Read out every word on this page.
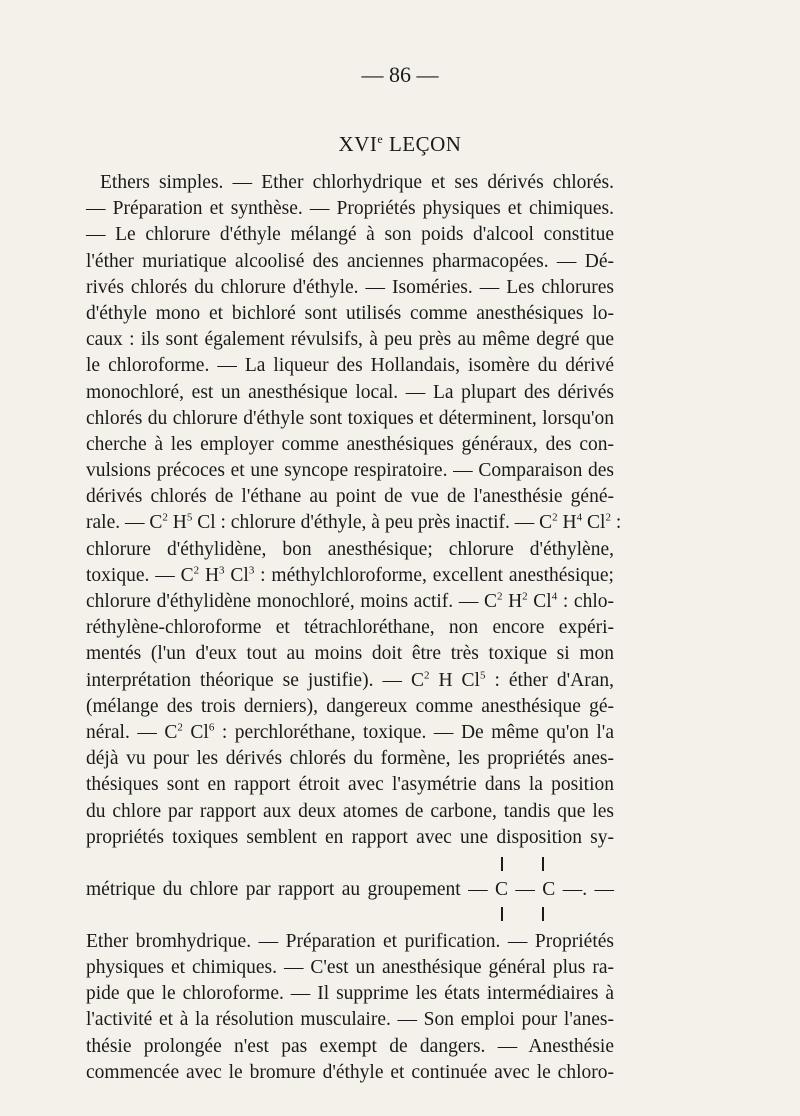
— 86 —
XVIe LEÇON
Ethers simples. — Ether chlorhydrique et ses dérivés chlorés.
— Préparation et synthèse. — Propriétés physiques et chimiques.
— Le chlorure d'éthyle mélangé à son poids d'alcool constitue
l'éther muriatique alcoolisé des anciennes pharmacopées. — Dé-
rivés chlorés du chlorure d'éthyle. — Isoméries. — Les chlorures
d'éthyle mono et bichloré sont utilisés comme anesthésiques lo-
caux : ils sont également révulsifs, à peu près au même degré que
le chloroforme. — La liqueur des Hollandais, isomère du dérivé
monochloré, est un anesthésique local. — La plupart des dérivés
chlorés du chlorure d'éthyle sont toxiques et déterminent, lorsqu'on
cherche à les employer comme anesthésiques généraux, des con-
vulsions précoces et une syncope respiratoire. — Comparaison des
dérivés chlorés de l'éthane au point de vue de l'anesthésie géné-
rale. — $C^2$ $H^5$ Cl : chlorure d'éthyle, à peu près inactif. — $C^2$ $H^4$ Cl$^2$ :
chlorure d'éthylidène, bon anesthésique; chlorure d'éthylène,
toxique. — $C^2$ $H^3$ Cl$^3$ : méthylchloroforme, excellent anesthésique;
chlorure d'éthylidène monochloré, moins actif. — $C^2$ $H^2$ Cl$^4$ : chlo-
réthylène-chloroforme et tétrachloréthane, non encore expéri-
mentés (l'un d'eux tout au moins doit être très toxique si mon
interprétation théorique se justifie). — $C^2$ H Cl$^5$ : éther d'Aran,
(mélange des trois derniers), dangereux comme anesthésique gé-
néral. — $C^2$ Cl$^6$ : perchloréthane, toxique. — De même qu'on l'a
déjà vu pour les dérivés chlorés du formène, les propriétés anes-
thésiques sont en rapport étroit avec l'asymétrie dans la position
du chlore par rapport aux deux atomes de carbone, tandis que les
propriétés toxiques semblent en rapport avec une disposition sy-
métrique du chlore par rapport au groupement — C — C —. —
Ether bromhydrique. — Préparation et purification. — Propriétés
physiques et chimiques. — C'est un anesthésique général plus ra-
pide que le chloroforme. — Il supprime les états intermédiaires à
l'activité et à la résolution musculaire. — Son emploi pour l'anes-
thésie prolongée n'est pas exempt de dangers. — Anesthésie
commencée avec le bromure d'éthyle et continuée avec le chloro-
